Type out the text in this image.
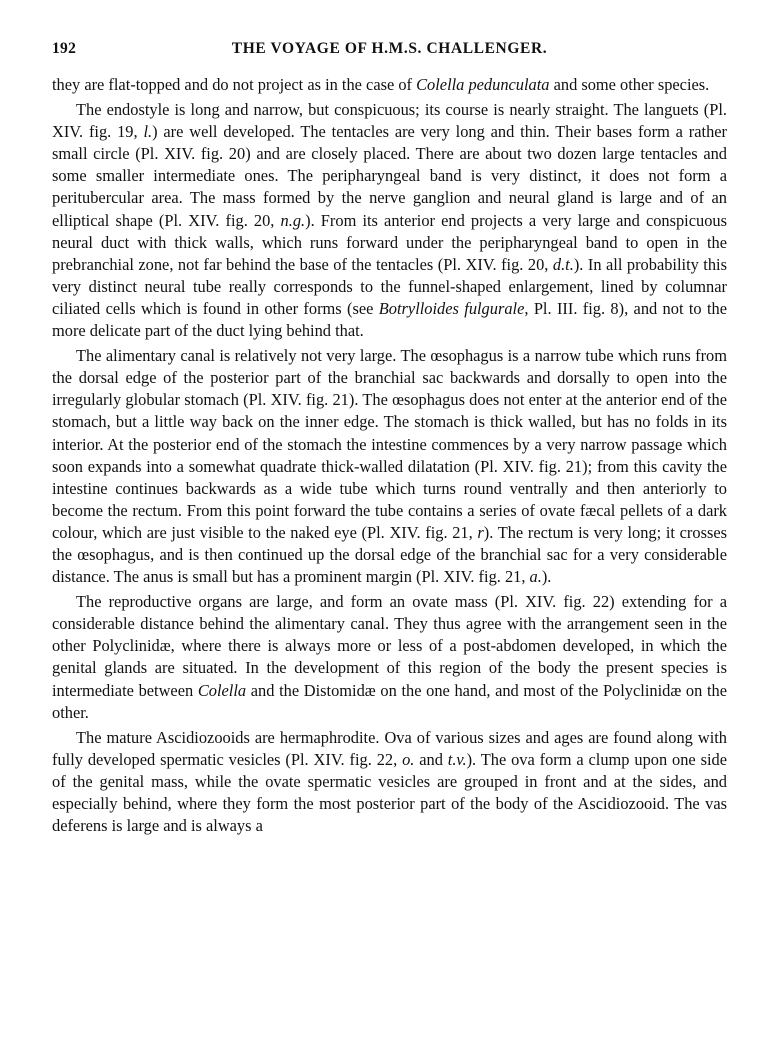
192	THE VOYAGE OF H.M.S. CHALLENGER.

they are flat-topped and do not project as in the case of Colella pedunculata and some other species.

The endostyle is long and narrow, but conspicuous; its course is nearly straight. The languets (Pl. XIV. fig. 19, l.) are well developed. The tentacles are very long and thin. Their bases form a rather small circle (Pl. XIV. fig. 20) and are closely placed. There are about two dozen large tentacles and some smaller intermediate ones. The peripharyngeal band is very distinct, it does not form a peritubercular area. The mass formed by the nerve ganglion and neural gland is large and of an elliptical shape (Pl. XIV. fig. 20, n.g.). From its anterior end projects a very large and conspicuous neural duct with thick walls, which runs forward under the peripharyngeal band to open in the prebranchial zone, not far behind the base of the tentacles (Pl. XIV. fig. 20, d.t.). In all probability this very distinct neural tube really corresponds to the funnel-shaped enlargement, lined by columnar ciliated cells which is found in other forms (see Botrylloides fulgurale, Pl. III. fig. 8), and not to the more delicate part of the duct lying behind that.

The alimentary canal is relatively not very large. The œsophagus is a narrow tube which runs from the dorsal edge of the posterior part of the branchial sac backwards and dorsally to open into the irregularly globular stomach (Pl. XIV. fig. 21). The œsophagus does not enter at the anterior end of the stomach, but a little way back on the inner edge. The stomach is thick walled, but has no folds in its interior. At the posterior end of the stomach the intestine commences by a very narrow passage which soon expands into a somewhat quadrate thick-walled dilatation (Pl. XIV. fig. 21); from this cavity the intestine continues backwards as a wide tube which turns round ventrally and then anteriorly to become the rectum. From this point forward the tube contains a series of ovate fæcal pellets of a dark colour, which are just visible to the naked eye (Pl. XIV. fig. 21, r). The rectum is very long; it crosses the œsophagus, and is then continued up the dorsal edge of the branchial sac for a very considerable distance. The anus is small but has a prominent margin (Pl. XIV. fig. 21, a.).

The reproductive organs are large, and form an ovate mass (Pl. XIV. fig. 22) extending for a considerable distance behind the alimentary canal. They thus agree with the arrangement seen in the other Polyclinidæ, where there is always more or less of a post-abdomen developed, in which the genital glands are situated. In the development of this region of the body the present species is intermediate between Colella and the Distomidæ on the one hand, and most of the Polyclinidæ on the other.

The mature Ascidiozooids are hermaphrodite. Ova of various sizes and ages are found along with fully developed spermatic vesicles (Pl. XIV. fig. 22, o. and t.v.). The ova form a clump upon one side of the genital mass, while the ovate spermatic vesicles are grouped in front and at the sides, and especially behind, where they form the most posterior part of the body of the Ascidiozooid. The vas deferens is large and is always a
